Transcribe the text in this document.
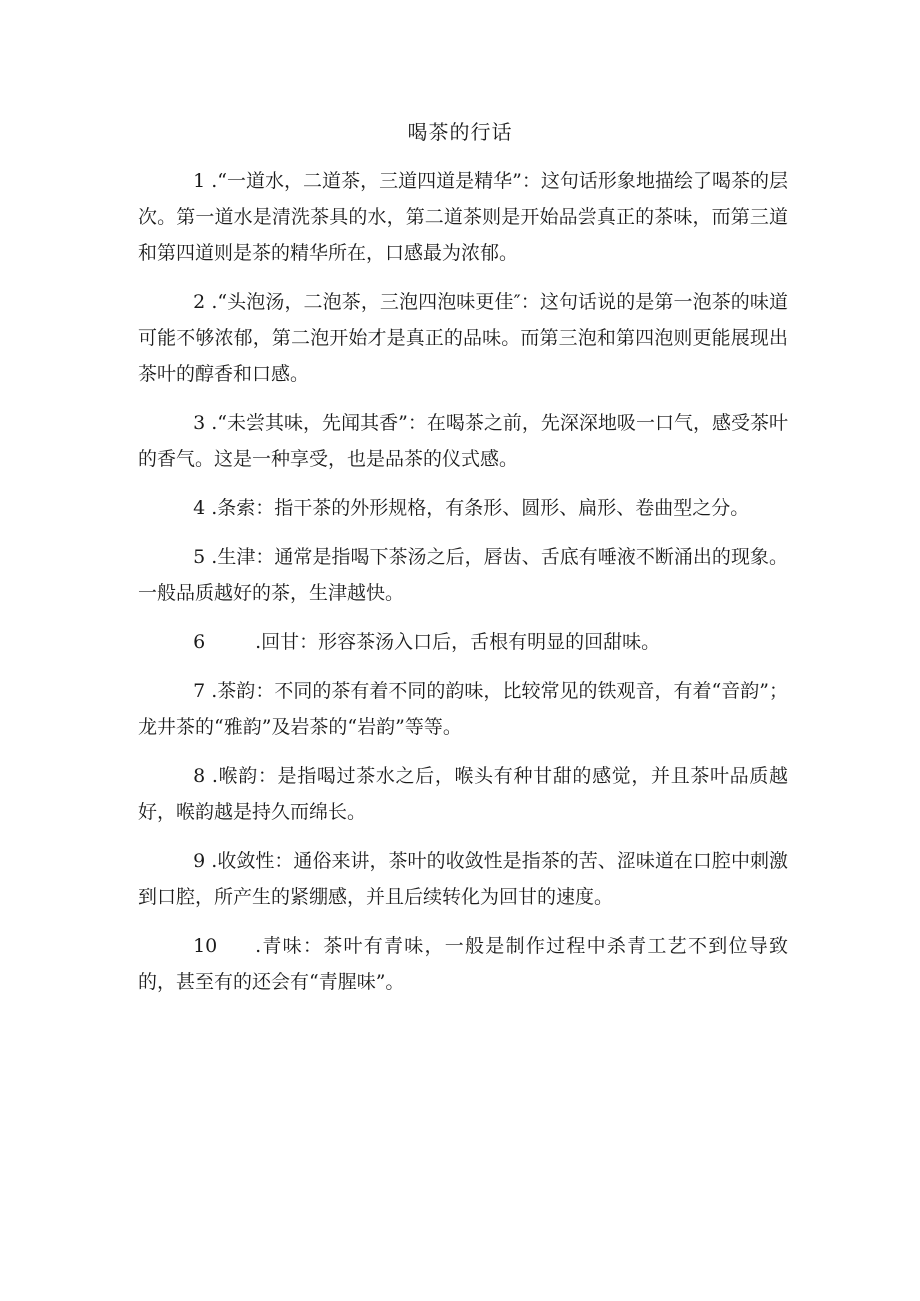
喝茶的行话

1 .“一道水，二道茶，三道四道是精华”：这句话形象地描绘了喝茶的层次。第一道水是清洗茶具的水，第二道茶则是开始品尝真正的茶味，而第三道和第四道则是茶的精华所在，口感最为浓郁。

2 .“头泡汤，二泡茶，三泡四泡味更佳″：这句话说的是第一泡茶的味道可能不够浓郁，第二泡开始才是真正的品味。而第三泡和第四泡则更能展现出茶叶的醇香和口感。

3 .“未尝其味，先闻其香”：在喝茶之前，先深深地吸一口气，感受茶叶的香气。这是一种享受，也是品茶的仪式感。

4 .条索：指干茶的外形规格，有条形、圆形、扁形、卷曲型之分。

5 .生津：通常是指喝下茶汤之后，唇齿、舌底有唾液不断涌出的现象。一般品质越好的茶，生津越快。

6	.回甘：形容茶汤入口后，舌根有明显的回甜味。

7 .茶韵：不同的茶有着不同的韵味，比较常见的铁观音，有着“音韵”；龙井茶的“雅韵”及岩茶的“岩韵”等等。

8 .喉韵：是指喝过茶水之后，喉头有种甘甜的感觉，并且茶叶品质越好，喉韵越是持久而绵长。

9 .收敛性：通俗来讲，茶叶的收敛性是指茶的苦、涩味道在口腔中刺激到口腔，所产生的紧绷感，并且后续转化为回甘的速度。

10 .青味：茶叶有青味，一般是制作过程中杀青工艺不到位导致的，甚至有的还会有“青腥味”。
